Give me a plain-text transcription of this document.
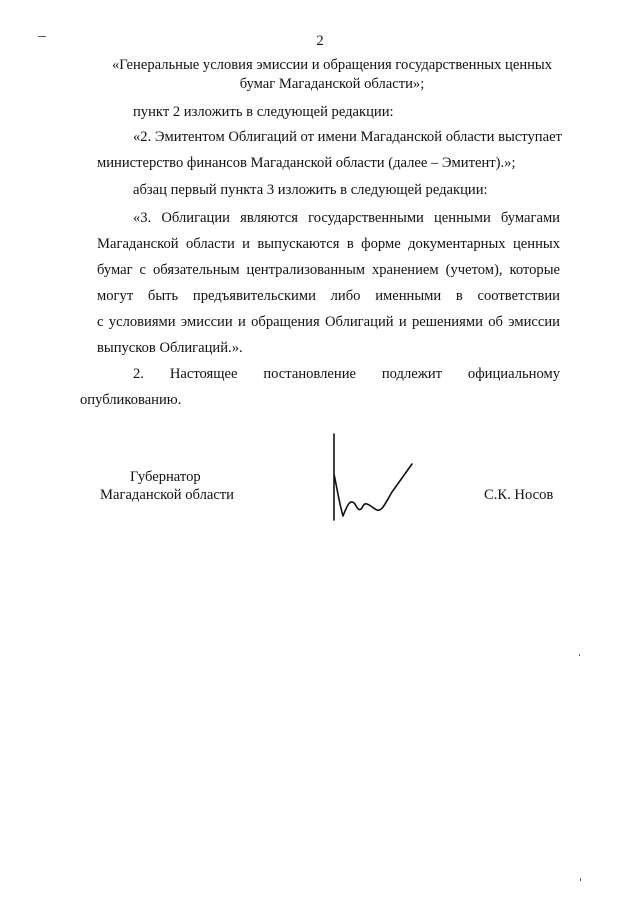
2
«Генеральные условия эмиссии и обращения государственных ценных
бумаг Магаданской области»;
пункт 2 изложить в следующей редакции:
«2. Эмитентом Облигаций от имени Магаданской области выступает
министерство финансов Магаданской области (далее – Эмитент).»;
абзац первый пункта 3 изложить в следующей редакции:
«3. Облигации являются государственными ценными бумагами
Магаданской области и выпускаются в форме документарных ценных
бумаг с обязательным централизованным хранением (учетом), которые
могут быть предъявительскими либо именными в соответствии
с условиями эмиссии и обращения Облигаций и решениями об эмиссии
выпусков Облигаций.».
2. Настоящее постановление подлежит официальному
опубликованию.
Губернатор
Магаданской области	С.К. Носов
